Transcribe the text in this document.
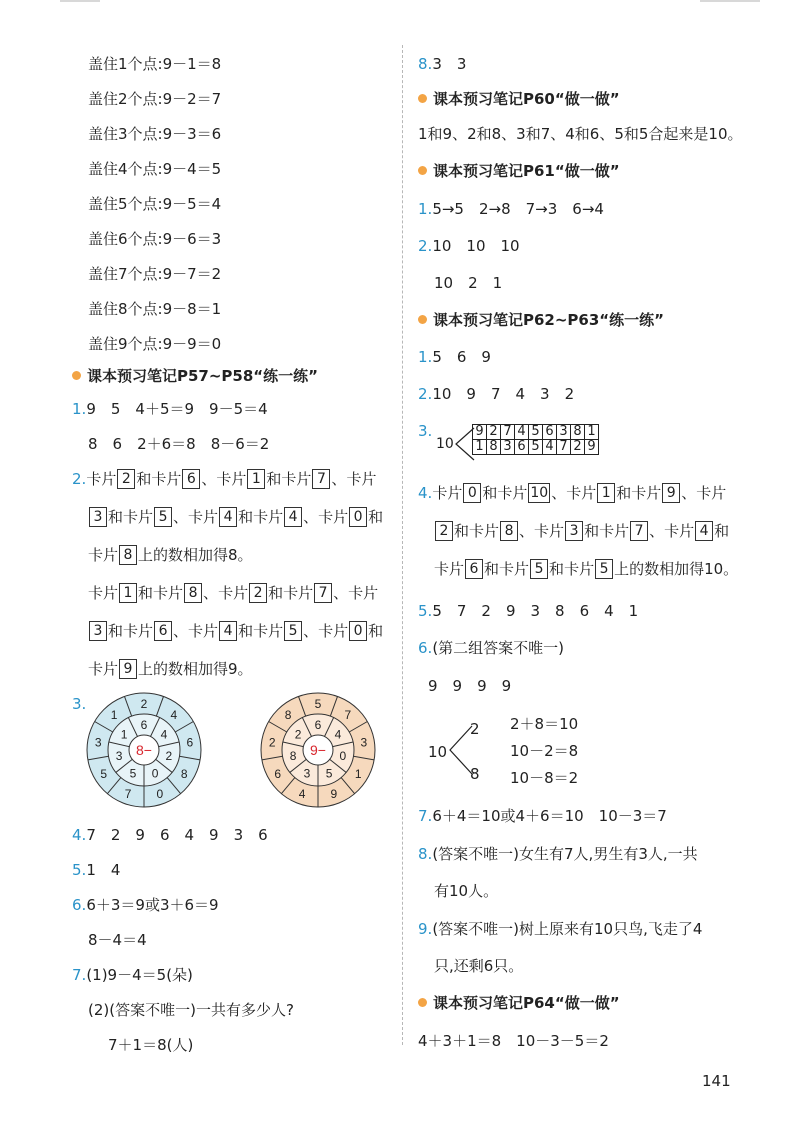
盖住1个点:9－1＝8
盖住2个点:9－2＝7
盖住3个点:9－3＝6
盖住4个点:9－4＝5
盖住5个点:9－5＝4
盖住6个点:9－6＝3
盖住7个点:9－7＝2
盖住8个点:9－8＝1
盖住9个点:9－9＝0
课本预习笔记P57~P58“练一练”
1.9　5　4＋5＝9　9－5＝4
8　6　2＋6＝8　8－6＝2
2.卡片 2 和卡片 6 、卡片 1 和卡片 7 、卡片
3 和卡片 5 、卡片 4 和卡片 4 、卡片 0 和
卡片 8 上的数相加得8。
卡片 1 和卡片 8 、卡片 2 和卡片 7 、卡片
3 和卡片 6 、卡片 4 和卡片 5 、卡片 0 和
卡片 9 上的数相加得9。
3.
6
4
2
0
5
3
1
2
4
6
8
0
7
5
3
1
8−
6
4
0
5
3
8
2
5
7
3
1
9
4
6
2
8
9−
4.7　2　9　6　4　9　3　6
5.1　4
6.6＋3＝9或3＋6＝9
8－4＝4
7.(1)9－4＝5(朵)
(2)(答案不唯一)一共有多少人?
7＋1＝8(人)
8.3　3
课本预习笔记P60“做一做”
1和9、2和8、3和7、4和6、5和5合起来是10。
课本预习笔记P61“做一做”
1.5→5　2→8　7→3　6→4
2.10　10　10
10　2　1
课本预习笔记P62~P63“练一练”
1.5　6　9
2.10　9　7　4　3　2
3.
10
9	2	7	4	5	6	3	8	1
1	8	3	6	5	4	7	2	9
4.卡片 0 和卡片 10 、卡片 1 和卡片 9 、卡片
2 和卡片 8 、卡片 3 和卡片 7 、卡片 4 和
卡片 6 和卡片 5 和卡片 5 上的数相加得10。
5.5　7　2　9　3　8　6　4　1
6.(第二组答案不唯一)
9　9　9　9
10
2
8
2＋8＝10
10－2＝8
10－8＝2
7.6＋4＝10或4＋6＝10　10－3＝7
8.(答案不唯一)女生有7人,男生有3人,一共
有10人。
9.(答案不唯一)树上原来有10只鸟,飞走了4
只,还剩6只。
课本预习笔记P64“做一做”
4＋3＋1＝8　10－3－5＝2
141
